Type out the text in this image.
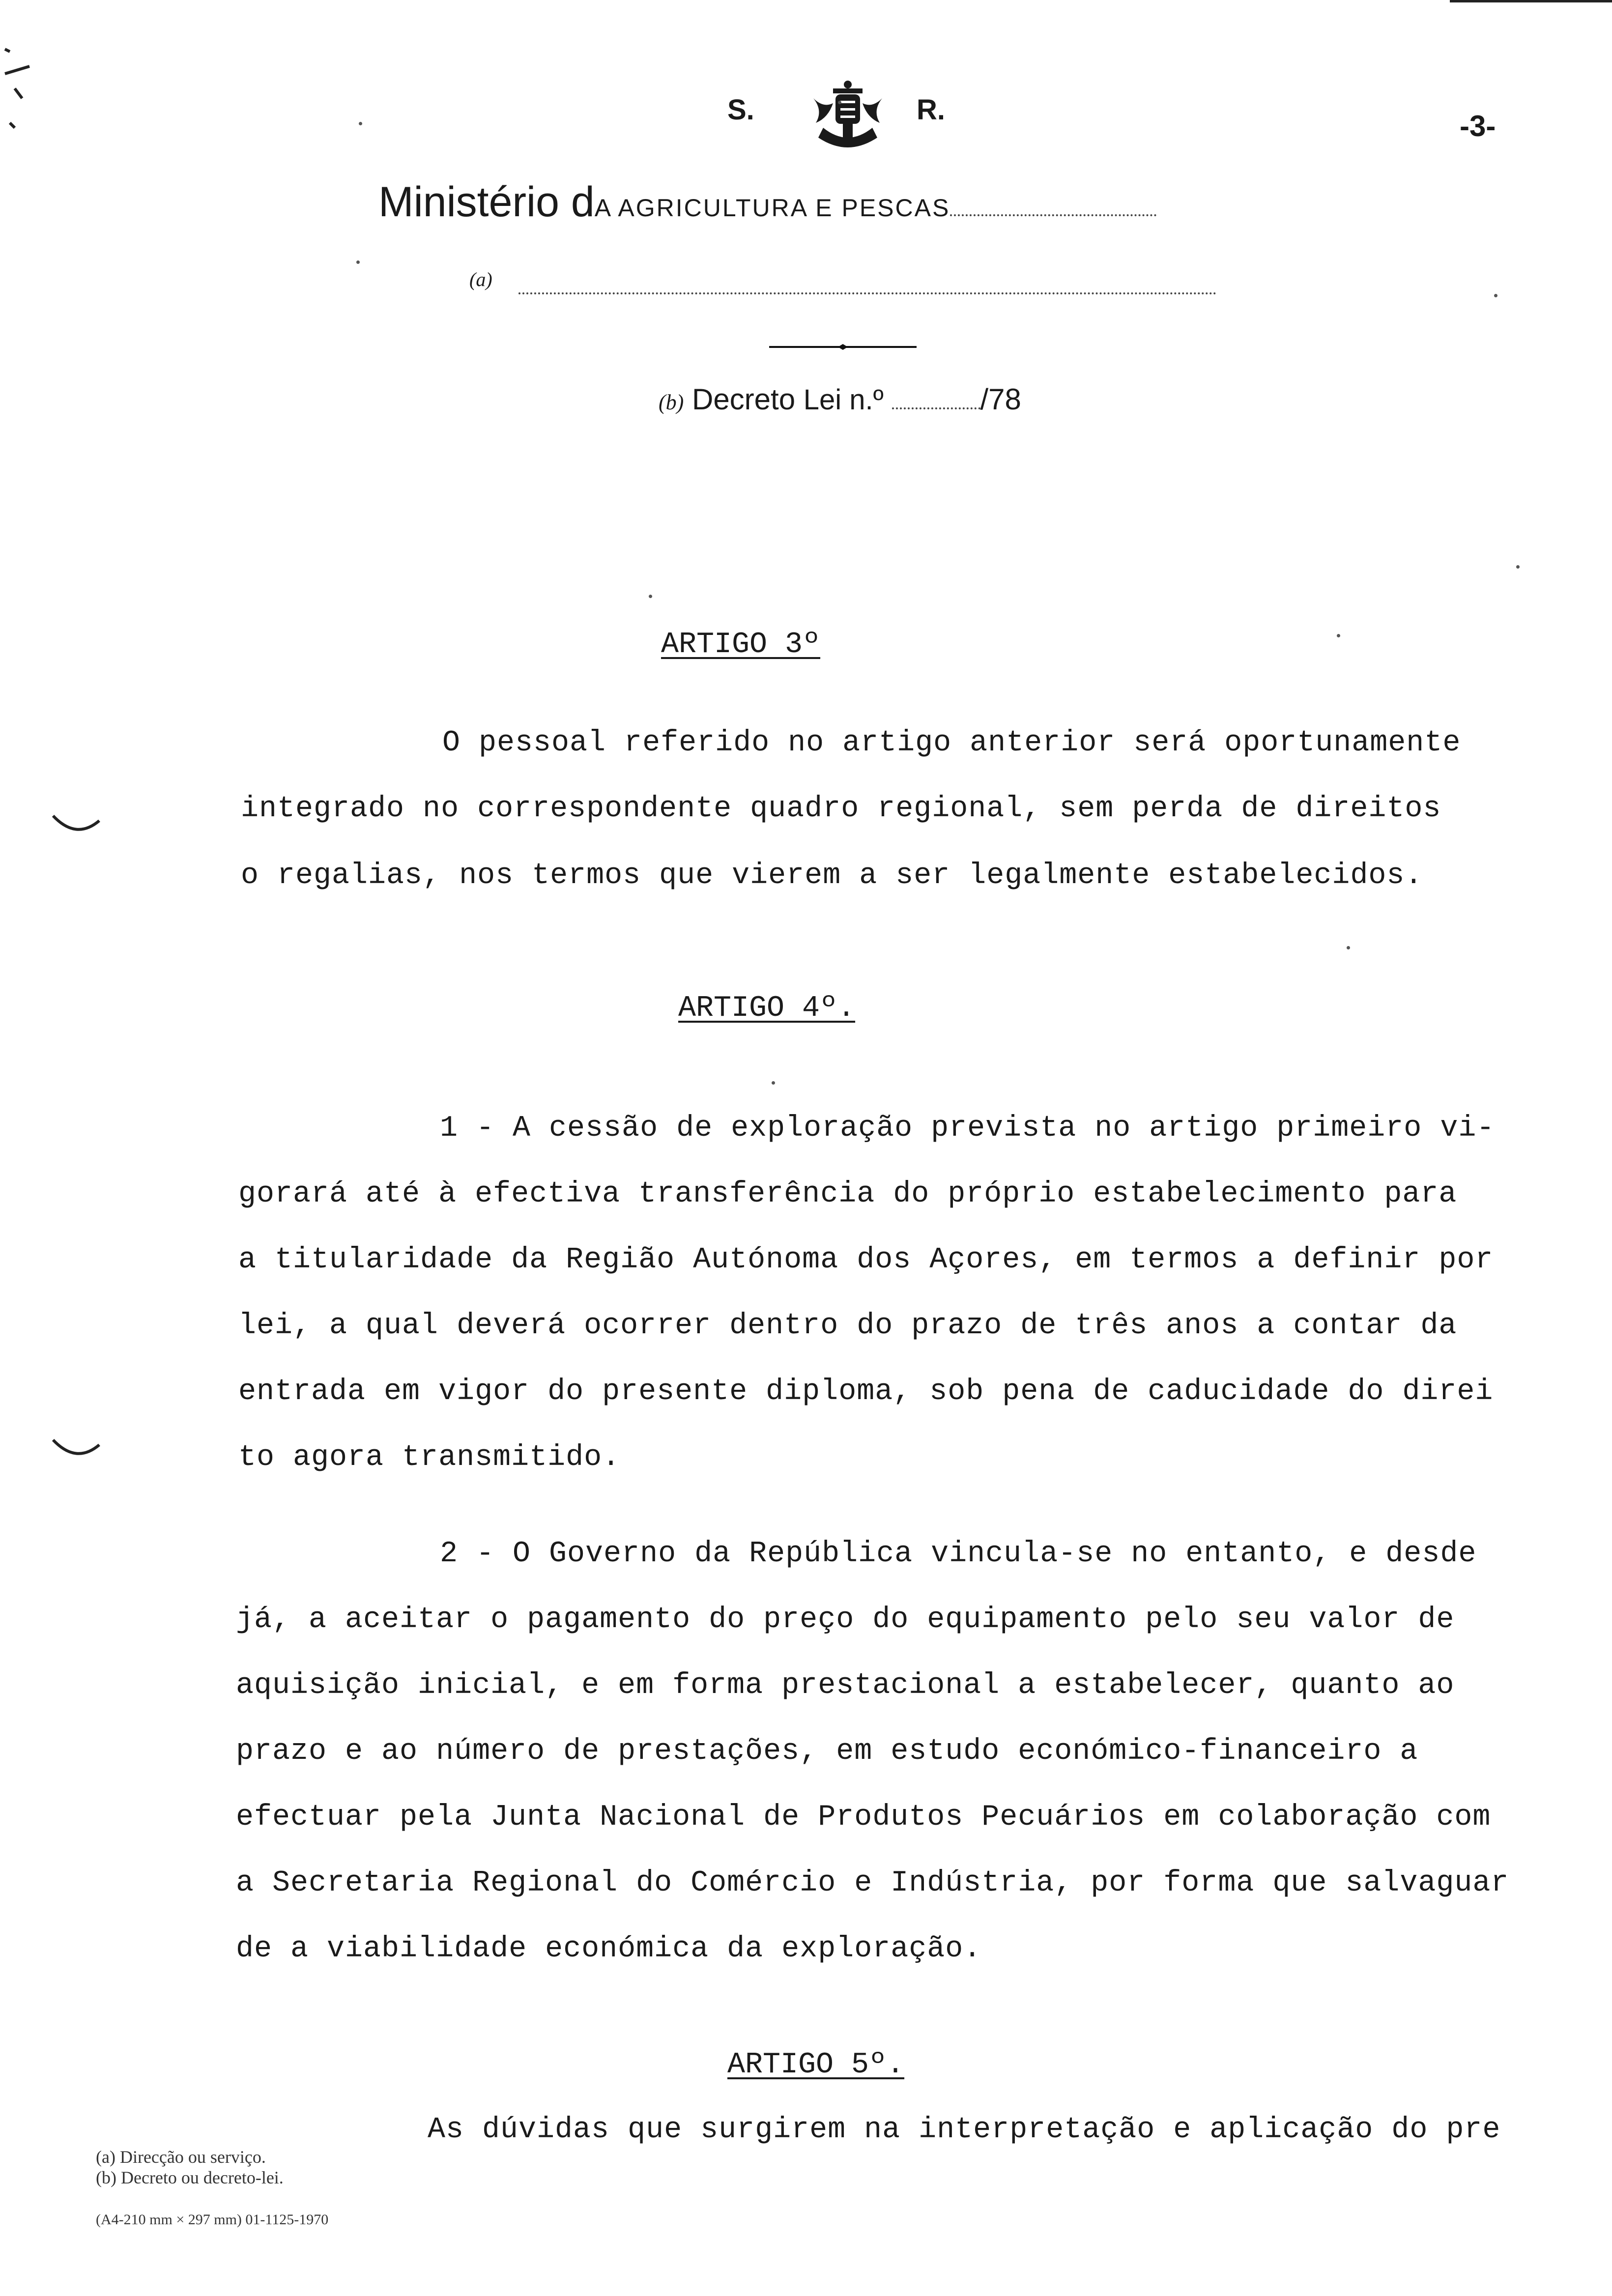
S.	R.	-3-
Ministério dA AGRICULTURA E PESCAS
(a)
(b) Decreto Lei n.º	/78
ARTIGO 3º
O pessoal referido no artigo anterior será oportunamente
integrado no correspondente quadro regional, sem perda de direitos
o regalias, nos termos que vierem a ser legalmente estabelecidos.
ARTIGO 4º.
1 - A cessão de exploração prevista no artigo primeiro vi-
gorará até à efectiva transferência do próprio estabelecimento para
a titularidade da Região Autónoma dos Açores, em termos a definir por
lei, a qual deverá ocorrer dentro do prazo de três anos a contar da
entrada em vigor do presente diploma, sob pena de caducidade do direi
to agora transmitido.
2 - O Governo da República vincula-se no entanto, e desde
já, a aceitar o pagamento do preço do equipamento pelo seu valor de
aquisição inicial, e em forma prestacional a estabelecer, quanto ao
prazo e ao número de prestações, em estudo económico-financeiro a
efectuar pela Junta Nacional de Produtos Pecuários em colaboração com
a Secretaria Regional do Comércio e Indústria, por forma que salvaguar
de a viabilidade económica da exploração.
ARTIGO 5º.
As dúvidas que surgirem na interpretação e aplicação do pre
(a) Direcção ou serviço.
(b) Decreto ou decreto-lei.
(A4-210 mm × 297 mm) 01-1125-1970
